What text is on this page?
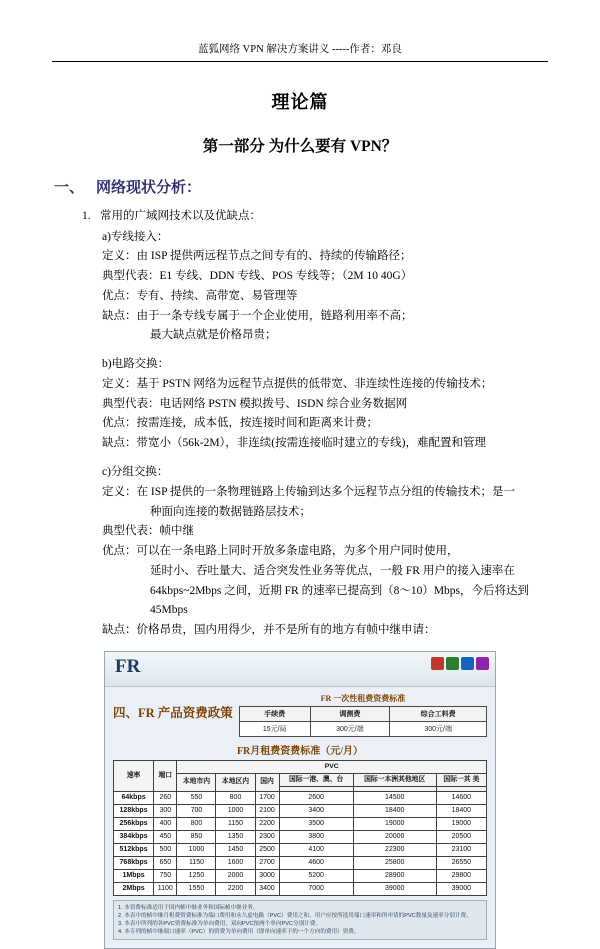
蓝狐网络 VPN 解决方案讲义 -----作者：邓良
理论篇
第一部分 为什么要有 VPN？
一、 网络现状分析：
1. 常用的广域网技术以及优缺点：
a)专线接入：
定义：由 ISP 提供两远程节点之间专有的、持续的传输路径；
典型代表：E1 专线、DDN 专线、POS 专线等；（2M 10 40G）
优点：专有、持续、高带宽、易管理等
缺点：由于一条专线专属于一个企业使用，链路利用率不高；
最大缺点就是价格昂贵；
b)电路交换：
定义：基于 PSTN 网络为远程节点提供的低带宽、非连续性连接的传输技术；
典型代表：电话网络 PSTN 模拟拨号、ISDN 综合业务数据网
优点：按需连接，成本低，按连接时间和距离来计费；
缺点：带宽小（56k-2M），非连续(按需连接临时建立的专线)，难配置和管理
c)分组交换：
定义：在 ISP 提供的一条物理链路上传输到达多个远程节点分组的传输技术；是一
种面向连接的数据链路层技术；
典型代表：帧中继
优点：可以在一条电路上同时开放多条虚电路，为多个用户同时使用，
延时小、吞吐量大、适合突发性业务等优点，一般 FR 用户的接入速率在
64kbps~2Mbps 之间，近期 FR 的速率已提高到（8～10）Mbps，今后将达到
45Mbps
缺点：价格昂贵，国内用得少，并不是所有的地方有帧中继申请：
FR
四、FR 产品资费政策
FR 一次性租费资费标准
手续费	调测费	综合工料费
15元/局	300元/端	300元/端
FR月租费资费标准（元/月）
速率	端口	PVC					
		本地市内	本地区内	国内	国际一港、澳、台	国际一本洲其他地区	国际一其 美

64kbps	260	550	800	1700	2600	14500	14600
128kbps	300	700	1000	2100	3400	18400	18400
256kbps	400	800	1150	2200	3500	19000	19000
384kbps	450	850	1350	2300	3800	20000	20500
512kbps	500	1000	1450	2500	4100	22300	23100
768kbps	650	1150	1600	2700	4600	25800	26550
1Mbps	750	1250	2000	3000	5200	28900	29800
2Mbps	1100	1550	2200	3400	7000	39000	39000
1. 本资费标准适用于国内帧中继业务和国际帧中继业务。
2. 本表中的帧中继月租费资费标准为端口费用和永久虚电路（PVC）费用之和，用户应按所选用端口速率和所申请的PVC数量及速率分别计费。
3. 本表中所列的各PVC资费标准为单向费用，双向PVC按两个单向PVC分别计费。
4. 本专列的帧中继端口速率（PVC）的资费为单向费用（即单向速率下的一个方向的费用）资费。
